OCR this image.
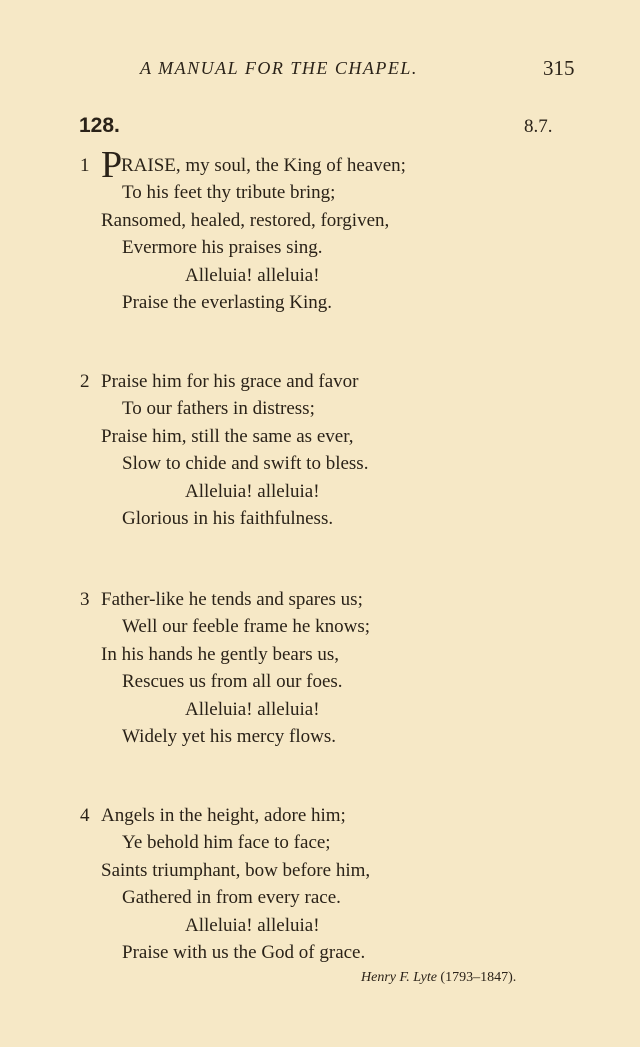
A MANUAL FOR THE CHAPEL.	315
128.	8.7.
1 P
RAISE, my soul, the King of heaven;
To his feet thy tribute bring;
Ransomed, healed, restored, forgiven,
Evermore his praises sing.
Alleluia! alleluia!
Praise the everlasting King.
2 Praise him for his grace and favor
To our fathers in distress;
Praise him, still the same as ever,
Slow to chide and swift to bless.
Alleluia! alleluia!
Glorious in his faithfulness.
3 Father-like he tends and spares us;
Well our feeble frame he knows;
In his hands he gently bears us,
Rescues us from all our foes.
Alleluia! alleluia!
Widely yet his mercy flows.
4 Angels in the height, adore him;
Ye behold him face to face;
Saints triumphant, bow before him,
Gathered in from every race.
Alleluia! alleluia!
Praise with us the God of grace.
Henry F. Lyte (1793–1847).
